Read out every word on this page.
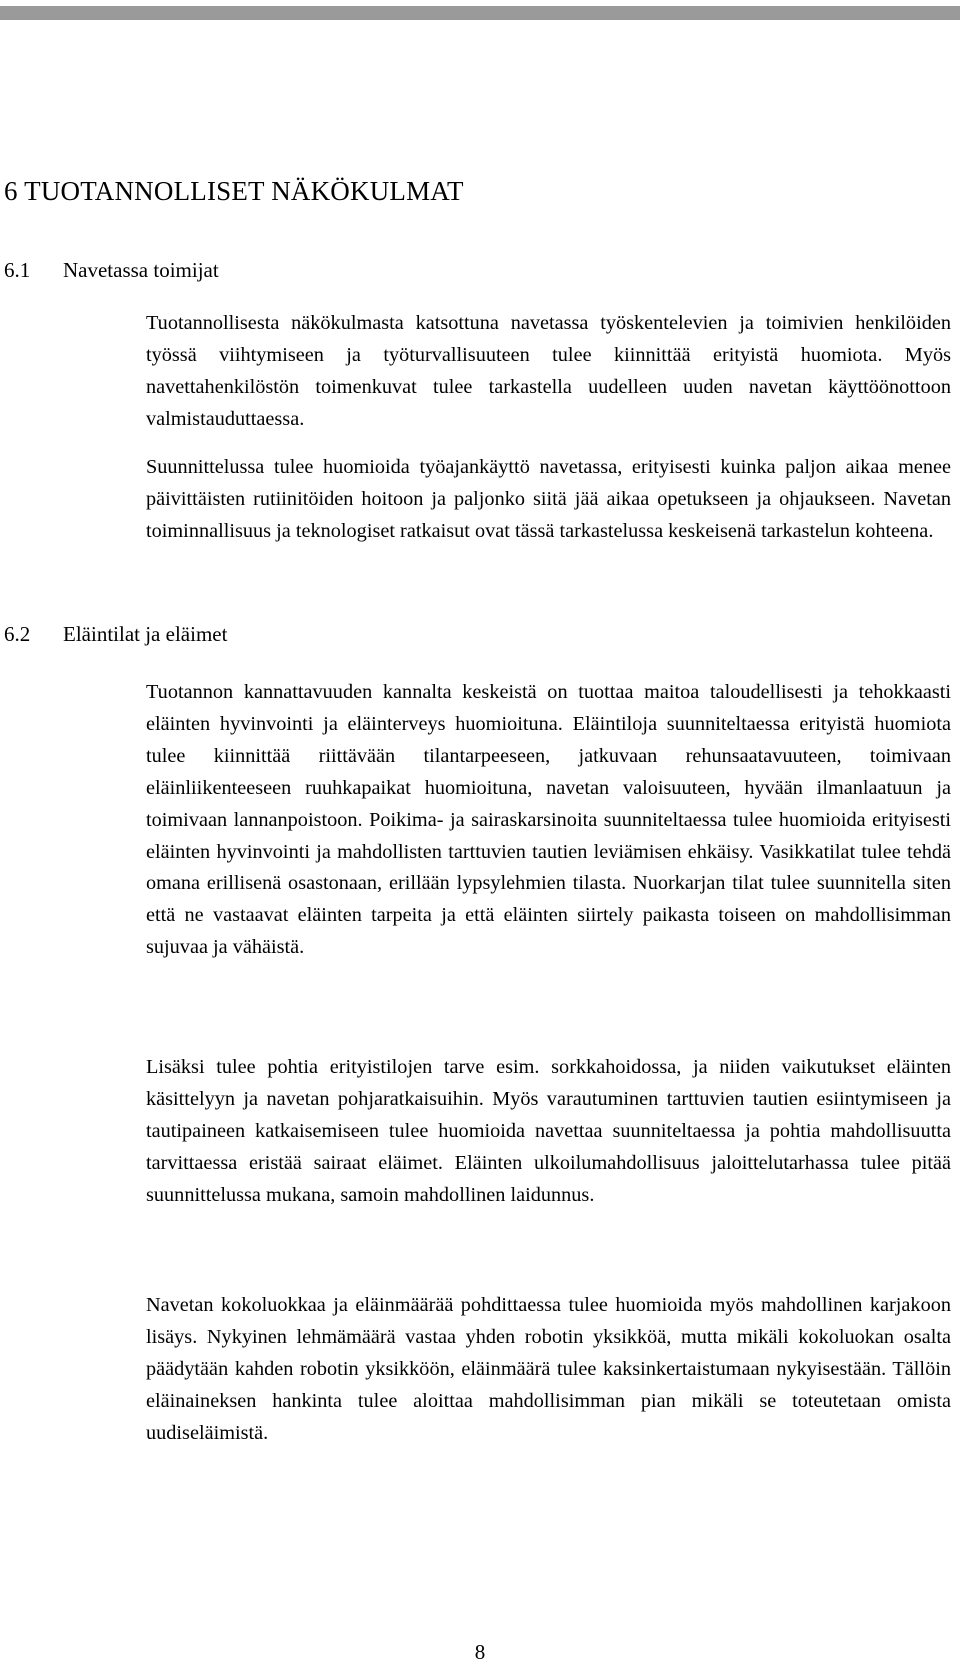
6 TUOTANNOLLISET NÄKÖKULMAT
6.1 Navetassa toimijat

Tuotannollisesta näkökulmasta katsottuna navetassa työskentelevien ja toimivien henkilöiden työssä viihtymiseen ja työturvallisuuteen tulee kiinnittää erityistä huomiota. Myös navettahenkilöstön toimenkuvat tulee tarkastella uudelleen uuden navetan käyttöönottoon valmistauduttaessa.

Suunnittelussa tulee huomioida työajankäyttö navetassa, erityisesti kuinka paljon aikaa menee päivittäisten rutiinitöiden hoitoon ja paljonko siitä jää aikaa opetukseen ja ohjaukseen. Navetan toiminnallisuus ja teknologiset ratkaisut ovat tässä tarkastelussa keskeisenä tarkastelun kohteena.

6.2 Eläintilat ja eläimet

Tuotannon kannattavuuden kannalta keskeistä on tuottaa maitoa taloudellisesti ja tehokkaasti eläinten hyvinvointi ja eläinterveys huomioituna. Eläintiloja suunniteltaessa erityistä huomiota tulee kiinnittää riittävään tilantarpeeseen, jatkuvaan rehunsaatavuuteen, toimivaan eläinliikenteeseen ruuhkapaikat huomioituna, navetan valoisuuteen, hyvään ilmanlaatuun ja toimivaan lannanpoistoon. Poikima- ja sairaskarsinoita suunniteltaessa tulee huomioida erityisesti eläinten hyvinvointi ja mahdollisten tarttuvien tautien leviämisen ehkäisy. Vasikkatilat tulee tehdä omana erillisenä osastonaan, erillään lypsylehmien tilasta. Nuorkarjan tilat tulee suunnitella siten että ne vastaavat eläinten tarpeita ja että eläinten siirtely paikasta toiseen on mahdollisimman sujuvaa ja vähäistä.

Lisäksi tulee pohtia erityistilojen tarve esim. sorkkahoidossa, ja niiden vaikutukset eläinten käsittelyyn ja navetan pohjaratkaisuihin. Myös varautuminen tarttuvien tautien esiintymiseen ja tautipaineen katkaisemiseen tulee huomioida navettaa suunniteltaessa ja pohtia mahdollisuutta tarvittaessa eristää sairaat eläimet. Eläinten ulkoilumahdollisuus jaloittelutarhassa tulee pitää suunnittelussa mukana, samoin mahdollinen laidunnus.

Navetan kokoluokkaa ja eläinmäärää pohdittaessa tulee huomioida myös mahdollinen karjakoon lisäys. Nykyinen lehmämäärä vastaa yhden robotin yksikköä, mutta mikäli kokoluokan osalta päädytään kahden robotin yksikköön, eläinmäärä tulee kaksinkertaistumaan nykyisestään. Tällöin eläinaineksen hankinta tulee aloittaa mahdollisimman pian mikäli se toteutetaan omista uudiseläimistä.

8
